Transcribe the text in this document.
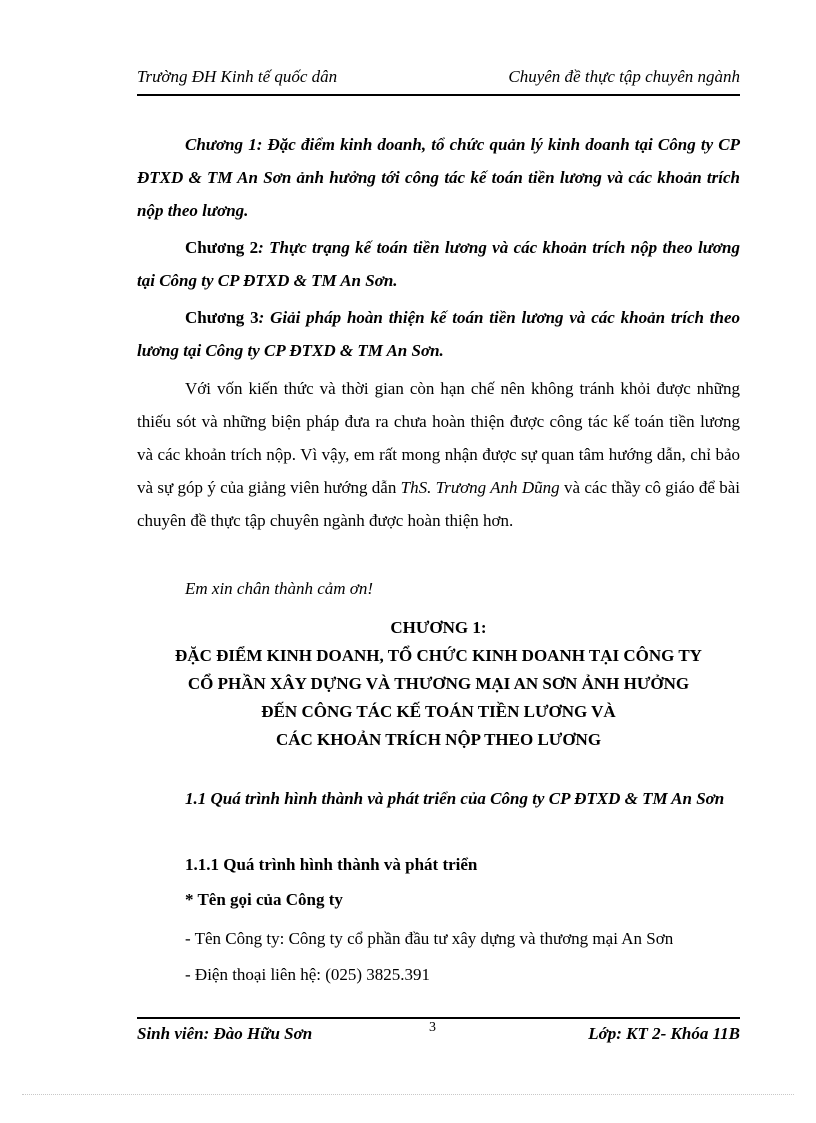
Trường ĐH Kinh tế quốc dân	Chuyên đề thực tập chuyên ngành

Chương 1: Đặc điểm kinh doanh, tổ chức quản lý kinh doanh tại Công ty CP ĐTXD & TM An Sơn ảnh hưởng tới công tác kế toán tiền lương và các khoản trích nộp theo lương.

Chương 2: Thực trạng kế toán tiền lương và các khoản trích nộp theo lương tại Công ty CP ĐTXD & TM An Sơn.

Chương 3: Giải pháp hoàn thiện kế toán tiền lương và các khoản trích theo lương tại Công ty CP ĐTXD & TM An Sơn.

Với vốn kiến thức và thời gian còn hạn chế nên không tránh khỏi được những thiếu sót và những biện pháp đưa ra chưa hoàn thiện được công tác kế toán tiền lương và các khoản trích nộp. Vì vậy, em rất mong nhận được sự quan tâm hướng dẫn, chỉ bảo và sự góp ý của giảng viên hướng dẫn ThS. Trương Anh Dũng và các thầy cô giáo để bài chuyên đề thực tập chuyên ngành được hoàn thiện hơn.

Em xin chân thành cảm ơn!

CHƯƠNG 1:
ĐẶC ĐIỂM KINH DOANH, TỔ CHỨC KINH DOANH TẠI CÔNG TY
CỔ PHẦN XÂY DỰNG VÀ THƯƠNG MẠI AN SƠN ẢNH HƯỞNG
ĐẾN CÔNG TÁC KẾ TOÁN TIỀN LƯƠNG VÀ
CÁC KHOẢN TRÍCH NỘP THEO LƯƠNG

1.1 Quá trình hình thành và phát triển của Công ty CP ĐTXD & TM An Sơn

1.1.1 Quá trình hình thành và phát triển

* Tên gọi của Công ty

- Tên Công ty: Công ty cổ phần đầu tư xây dựng và thương mại An Sơn

- Điện thoại liên hệ: (025) 3825.391

Sinh viên: Đào Hữu Sơn	3	Lớp: KT 2- Khóa 11B
